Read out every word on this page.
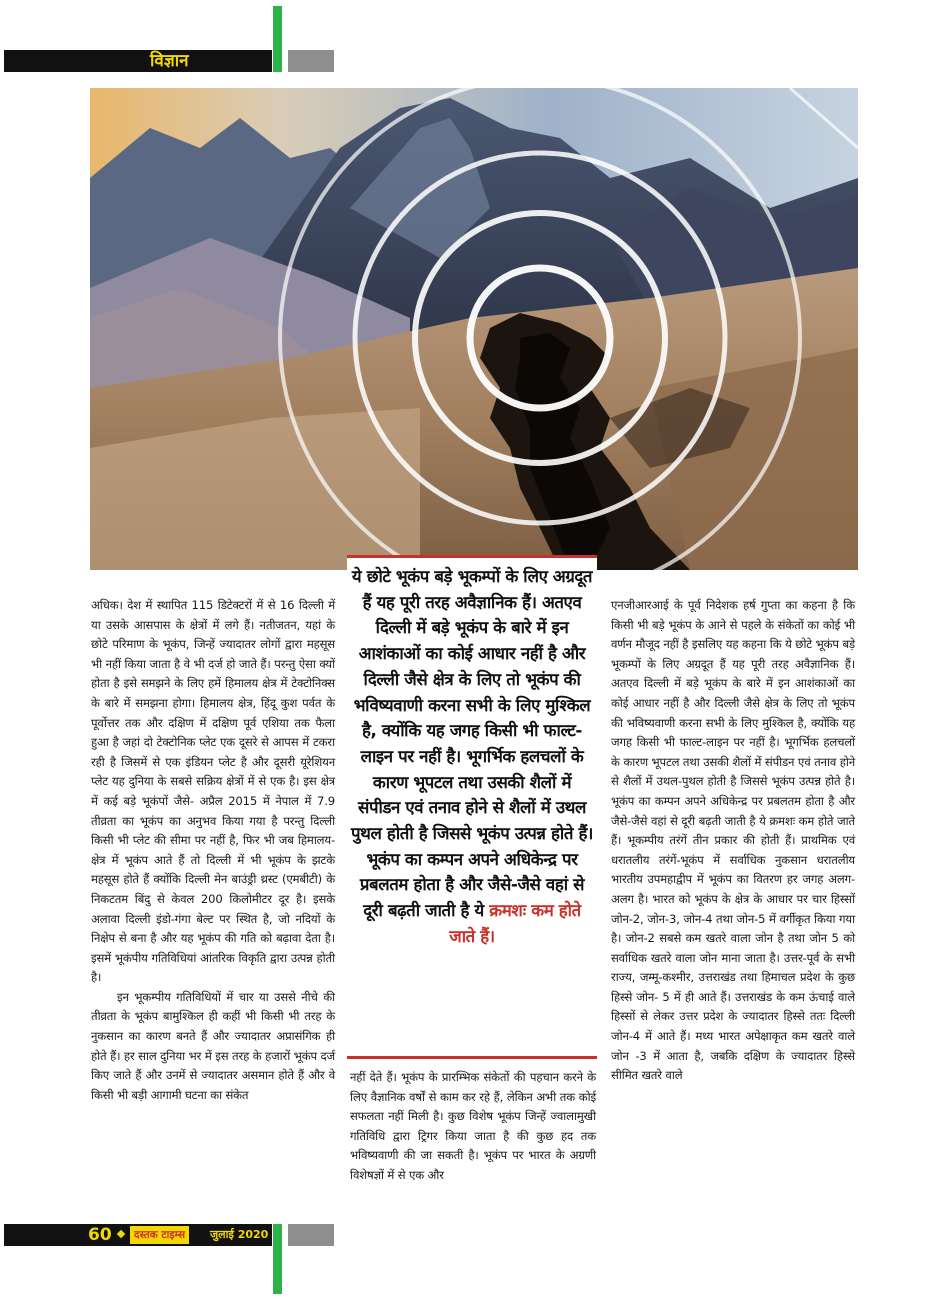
विज्ञान

अधिक। देश में स्थापित 115 डिटेक्टरों में से 16 दिल्ली में या उसके आसपास के क्षेत्रों में लगे हैं। नतीजतन, यहां के छोटे परिमाण के भूकंप, जिन्हें ज्यादातर लोगों द्वारा महसूस भी नहीं किया जाता है वे भी दर्ज हो जाते हैं। परन्तु ऐसा क्यों होता है इसे समझने के लिए हमें हिमालय क्षेत्र में टेक्टोनिक्स के बारे में समझना होगा। हिमालय क्षेत्र, हिंदू कुश पर्वत के पूर्वोत्तर तक और दक्षिण में दक्षिण पूर्व एशिया तक फैला हुआ है जहां दो टेक्टोनिक प्लेट एक दूसरे से आपस में टकरा रही है जिसमें से एक इंडियन प्लेट है और दूसरी यूरेशियन प्लेट यह दुनिया के सबसे सक्रिय क्षेत्रों में से एक है। इस क्षेत्र में कई बड़े भूकंपों जैसे- अप्रैल 2015 में नेपाल में 7.9 तीव्रता का भूकंप का अनुभव किया गया है परन्तु दिल्ली किसी भी प्लेट की सीमा पर नहीं है, फिर भी जब हिमालय-क्षेत्र में भूकंप आते हैं तो दिल्ली में भी भूकंप के झटके महसूस होते हैं क्योंकि दिल्ली मेन बाउंड्री थ्रस्ट (एमबीटी) के निकटतम बिंदु से केवल 200 किलोमीटर दूर है। इसके अलावा दिल्ली इंडो-गंगा बेल्ट पर स्थित है, जो नदियों के निक्षेप से बना है और यह भूकंप की गति को बढ़ावा देता है। इसमें भूकंपीय गतिविधियां आंतरिक विकृति द्वारा उत्पन्न होती है।

इन भूकम्पीय गतिविधियों में चार या उससे नीचे की तीव्रता के भूकंप बामुश्किल ही कहीं भी किसी भी तरह के नुकसान का कारण बनते हैं और ज्यादातर अप्रासंगिक ही होते हैं। हर साल दुनिया भर में इस तरह के हजारों भूकंप दर्ज किए जाते हैं और उनमें से ज्यादातर असमान होते हैं और वे किसी भी बड़ी आगामी घटना का संकेत

ये छोटे भूकंप बड़े भूकम्पों के लिए अग्रदूत हैं यह पूरी तरह अवैज्ञानिक हैं। अतएव दिल्ली में बड़े भूकंप के बारे में इन आशंकाओं का कोई आधार नहीं है और दिल्ली जैसे क्षेत्र के लिए तो भूकंप की भविष्यवाणी करना सभी के लिए मुश्किल है, क्योंकि यह जगह किसी भी फाल्ट-लाइन पर नहीं है। भूगर्भिक हलचलों के कारण भूपटल तथा उसकी शैलों में संपीडन एवं तनाव होने से शैलों में उथल पुथल होती है जिससे भूकंप उत्पन्न होते हैं। भूकंप का कम्पन अपने अधिकेन्द्र पर प्रबलतम होता है और जैसे-जैसे वहां से दूरी बढ़ती जाती है ये क्रमशः कम होते जाते हैं।

नहीं देते हैं। भूकंप के प्रारम्भिक संकेतों की पहचान करने के लिए वैज्ञानिक वर्षों से काम कर रहे हैं, लेकिन अभी तक कोई सफलता नहीं मिली है। कुछ विशेष भूकंप जिन्हें ज्वालामुखी गतिविधि द्वारा ट्रिगर किया जाता है की कुछ हद तक भविष्यवाणी की जा सकती है। भूकंप पर भारत के अग्रणी विशेषज्ञों में से एक और

एनजीआरआई के पूर्व निदेशक हर्ष गुप्ता का कहना है कि किसी भी बड़े भूकंप के आने से पहले के संकेतों का कोई भी वर्णन मौजूद नहीं है इसलिए यह कहना कि ये छोटे भूकंप बड़े भूकम्पों के लिए अग्रदूत हैं यह पूरी तरह अवैज्ञानिक हैं। अतएव दिल्ली में बड़े भूकंप के बारे में इन आशंकाओं का कोई आधार नहीं है और दिल्ली जैसे क्षेत्र के लिए तो भूकंप की भविष्यवाणी करना सभी के लिए मुश्किल है, क्योंकि यह जगह किसी भी फाल्ट-लाइन पर नहीं है। भूगर्भिक हलचलों के कारण भूपटल तथा उसकी शैलों में संपीडन एवं तनाव होने से शैलों में उथल-पुथल होती है जिससे भूकंप उत्पन्न होते है। भूकंप का कम्पन अपने अधिकेन्द्र पर प्रबलतम होता है और जैसे-जैसे वहां से दूरी बढ़ती जाती है ये क्रमशः कम होते जाते हैं। भूकम्पीय तरंगें तीन प्रकार की होती हैं। प्राथमिक एवं धरातलीय तरंगें-भूकंप में सर्वाधिक नुकसान धरातलीय भारतीय उपमहाद्वीप में भूकंप का वितरण हर जगह अलग-अलग है। भारत को भूकंप के क्षेत्र के आधार पर चार हिस्सों जोन-2, जोन-3, जोन-4 तथा जोन-5 में वर्गीकृत किया गया है। जोन-2 सबसे कम खतरे वाला जोन है तथा जोन 5 को सर्वाधिक खतरे वाला जोन माना जाता है। उत्तर-पूर्व के सभी राज्य, जम्मू-कश्मीर, उत्तराखंड तथा हिमाचल प्रदेश के कुछ हिस्से जोन- 5 में ही आते हैं। उत्तराखंड के कम ऊंचाई वाले हिस्सों से लेकर उत्तर प्रदेश के ज्यादातर हिस्से ततः दिल्ली जोन-4 में आते हैं। मध्य भारत अपेक्षाकृत कम खतरे वाले जोन -3 में आता है, जबकि दक्षिण के ज्यादातर हिस्से सीमित खतरे वाले

60	दस्तक टाइम्स	जुलाई 2020
